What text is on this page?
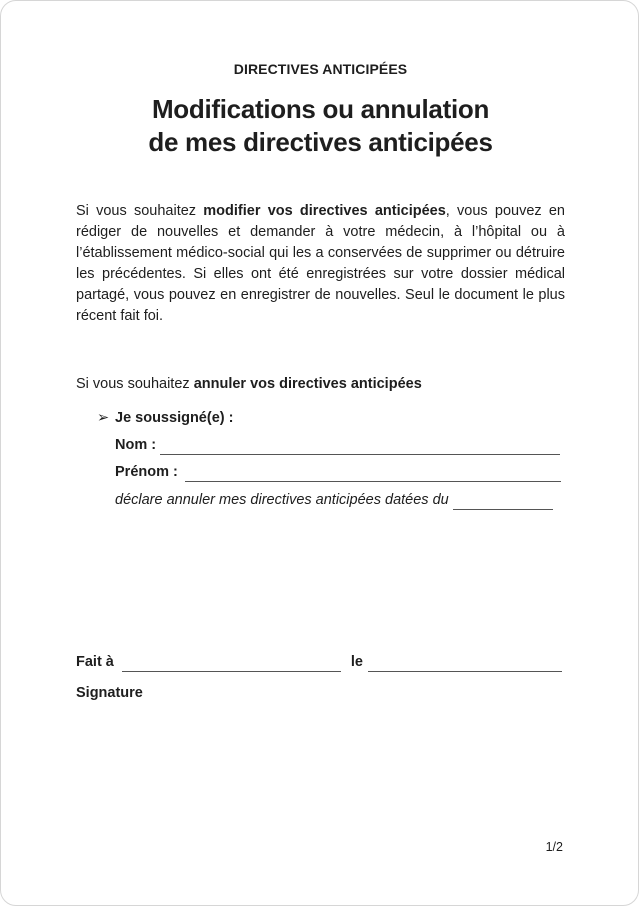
DIRECTIVES ANTICIPÉES
Modifications ou annulation
de mes directives anticipées

Si vous souhaitez modifier vos directives anticipées, vous pouvez en rédiger de nouvelles et demander à votre médecin, à l’hôpital ou à l’établissement médico-social qui les a conservées de supprimer ou détruire les précédentes. Si elles ont été enregistrées sur votre dossier médical partagé, vous pouvez en enregistrer de nouvelles. Seul le document le plus récent fait foi.

Si vous souhaitez annuler vos directives anticipées
➢ Je soussigné(e) :
Nom :
Prénom :
déclare annuler mes directives anticipées datées du
Fait à	le
Signature
1/2
